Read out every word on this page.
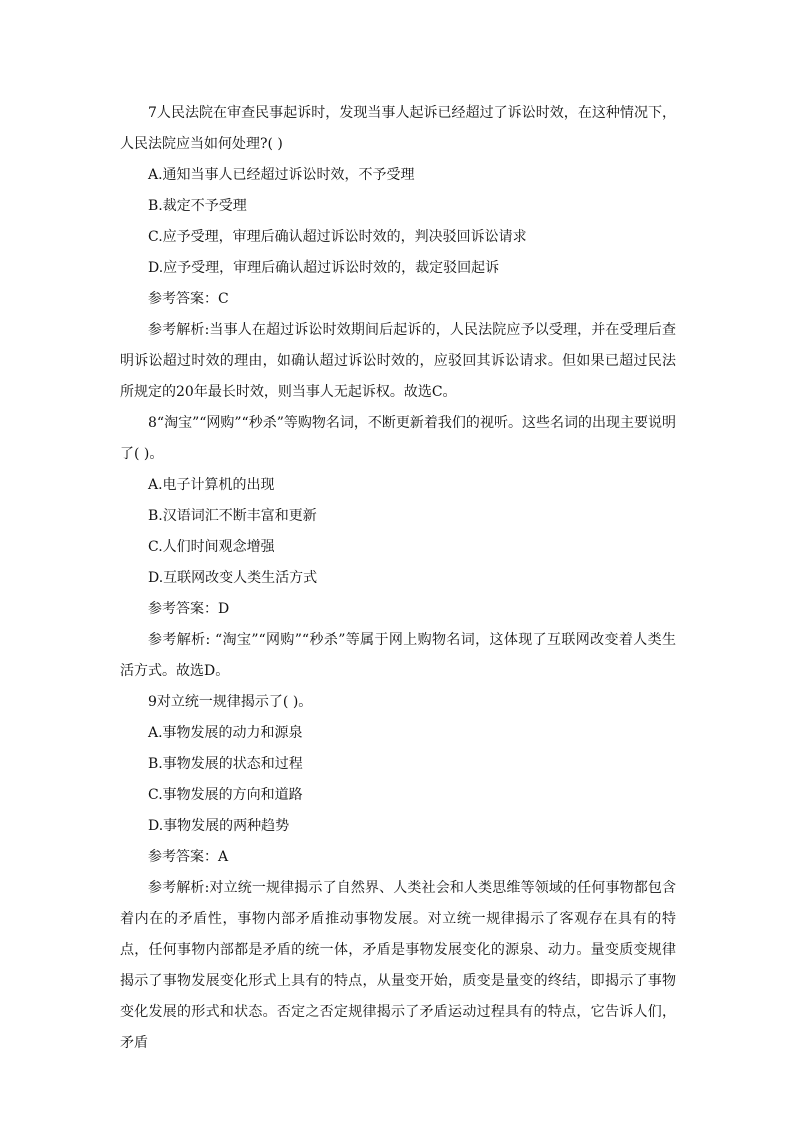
7人民法院在审查民事起诉时，发现当事人起诉已经超过了诉讼时效，在这种情况下，人民法院应当如何处理?( )

A.通知当事人已经超过诉讼时效，不予受理

B.裁定不予受理

C.应予受理，审理后确认超过诉讼时效的，判决驳回诉讼请求

D.应予受理，审理后确认超过诉讼时效的，裁定驳回起诉

参考答案：C

参考解析:当事人在超过诉讼时效期间后起诉的，人民法院应予以受理，并在受理后查明诉讼超过时效的理由，如确认超过诉讼时效的，应驳回其诉讼请求。但如果已超过民法所规定的20年最长时效，则当事人无起诉权。故选C。

8“淘宝”“网购”“秒杀”等购物名词，不断更新着我们的视听。这些名词的出现主要说明了( )。

A.电子计算机的出现

B.汉语词汇不断丰富和更新

C.人们时间观念增强

D.互联网改变人类生活方式

参考答案：D

参考解析: “淘宝”“网购”“秒杀”等属于网上购物名词，这体现了互联网改变着人类生活方式。故选D。

9对立统一规律揭示了( )。

A.事物发展的动力和源泉

B.事物发展的状态和过程

C.事物发展的方向和道路

D.事物发展的两种趋势

参考答案：A

参考解析:对立统一规律揭示了自然界、人类社会和人类思维等领域的任何事物都包含着内在的矛盾性，事物内部矛盾推动事物发展。对立统一规律揭示了客观存在具有的特点，任何事物内部都是矛盾的统一体，矛盾是事物发展变化的源泉、动力。量变质变规律揭示了事物发展变化形式上具有的特点，从量变开始，质变是量变的终结，即揭示了事物变化发展的形式和状态。否定之否定规律揭示了矛盾运动过程具有的特点，它告诉人们，矛盾
